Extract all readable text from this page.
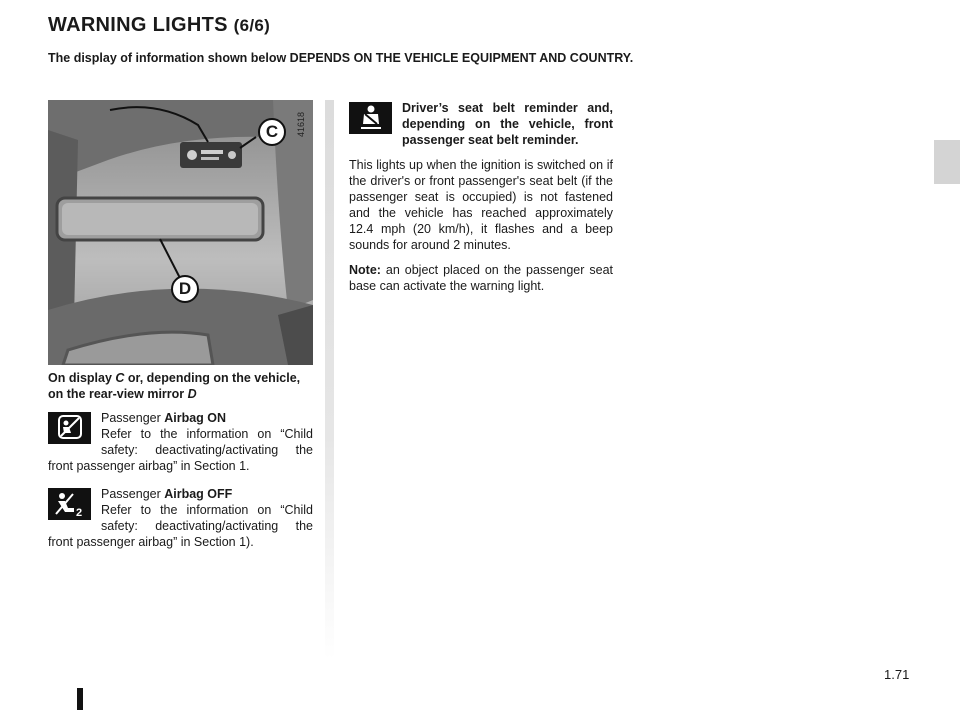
WARNING LIGHTS (6/6)

The display of information shown below DEPENDS ON THE VEHICLE EQUIPMENT AND COUNTRY.

C
D
41618

On display C or, depending on the vehicle, on the rear-view mirror D

Passenger Airbag ON
Refer to the information on “Child safety: deactivating/activating the front passenger airbag” in Section 1.
2
Passenger Airbag OFF
Refer to the information on “Child safety: deactivating/activating the front passenger airbag” in Section 1).
Driver’s seat belt reminder and, depending on the vehicle, front passenger seat belt reminder.

This lights up when the ignition is switched on if the driver's or front passenger's seat belt (if the passenger seat is occupied) is not fastened and the vehicle has reached approximately 12.4 mph (20 km/h), it flashes and a beep sounds for around 2 minutes.

Note: an object placed on the passenger seat base can activate the warning light.

1.71
